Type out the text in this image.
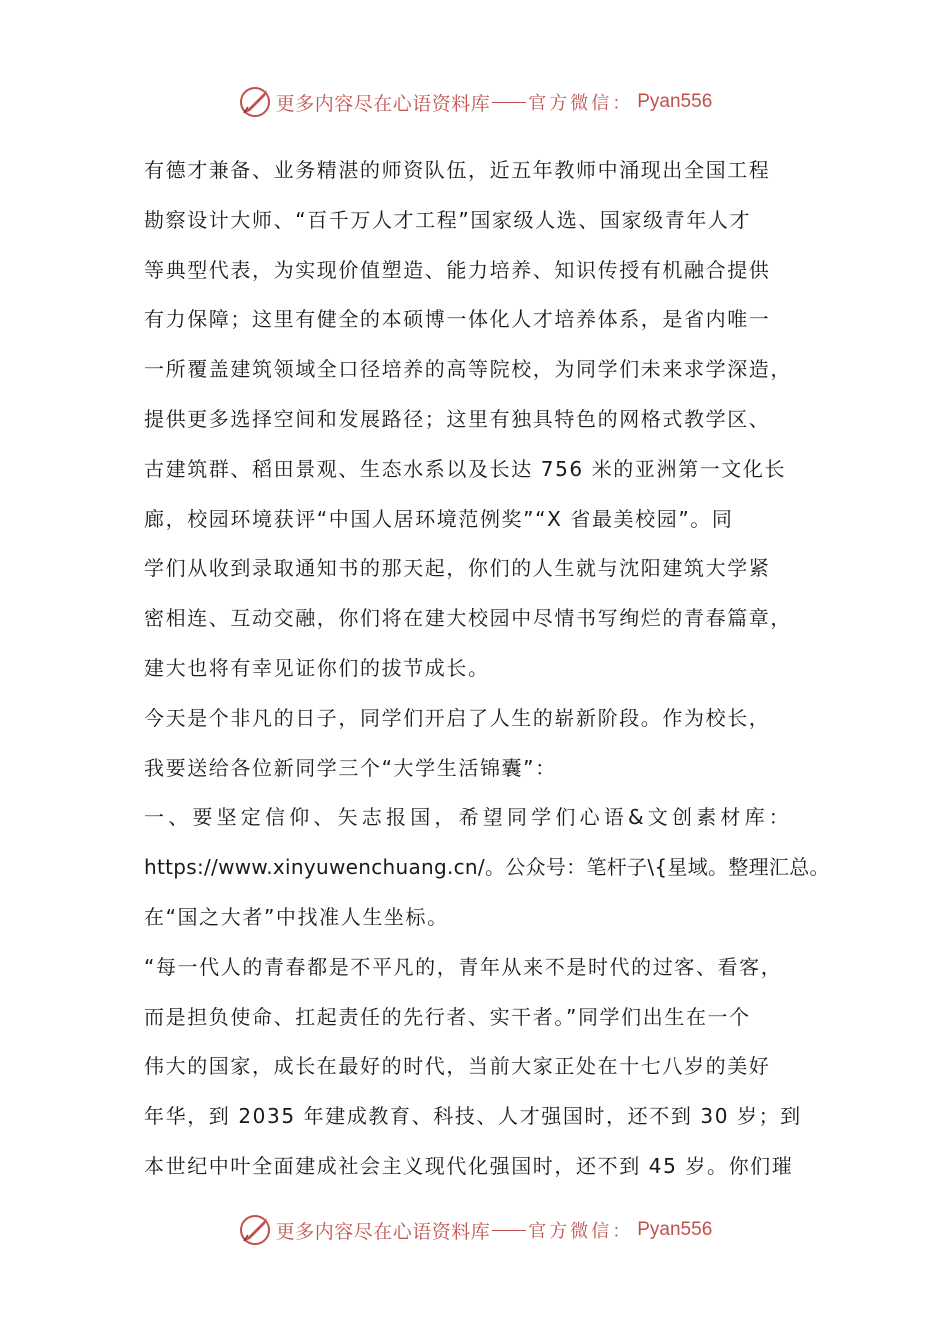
更多内容尽在心语资料库 官方微信： Pyan556
有德才兼备、业务精湛的师资队伍，近五年教师中涌现出全国工程
勘察设计大师、“百千万人才工程”国家级人选、国家级青年人才
等典型代表，为实现价值塑造、能力培养、知识传授有机融合提供
有力保障；这里有健全的本硕博一体化人才培养体系，是省内唯一
一所覆盖建筑领域全口径培养的高等院校，为同学们未来求学深造，
提供更多选择空间和发展路径；这里有独具特色的网格式教学区、
古建筑群、稻田景观、生态水系以及长达 756 米的亚洲第一文化长
廊，校园环境获评“中国人居环境范例奖”“X 省最美校园”。同
学们从收到录取通知书的那天起，你们的人生就与沈阳建筑大学紧
密相连、互动交融，你们将在建大校园中尽情书写绚烂的青春篇章，
建大也将有幸见证你们的拔节成长。
今天是个非凡的日子，同学们开启了人生的崭新阶段。作为校长，
我要送给各位新同学三个“大学生活锦囊”：
一、要坚定信仰、矢志报国，希望同学们心语&文创素材库：
https://www.xinyuwenchuang.cn/。公众号：笔杆子\{星域。整理汇总。
在“国之大者”中找准人生坐标。
“每一代人的青春都是不平凡的，青年从来不是时代的过客、看客，
而是担负使命、扛起责任的先行者、实干者。”同学们出生在一个
伟大的国家，成长在最好的时代，当前大家正处在十七八岁的美好
年华，到 2035 年建成教育、科技、人才强国时，还不到 30 岁；到
本世纪中叶全面建成社会主义现代化强国时，还不到 45 岁。你们璀
更多内容尽在心语资料库 官方微信： Pyan556
